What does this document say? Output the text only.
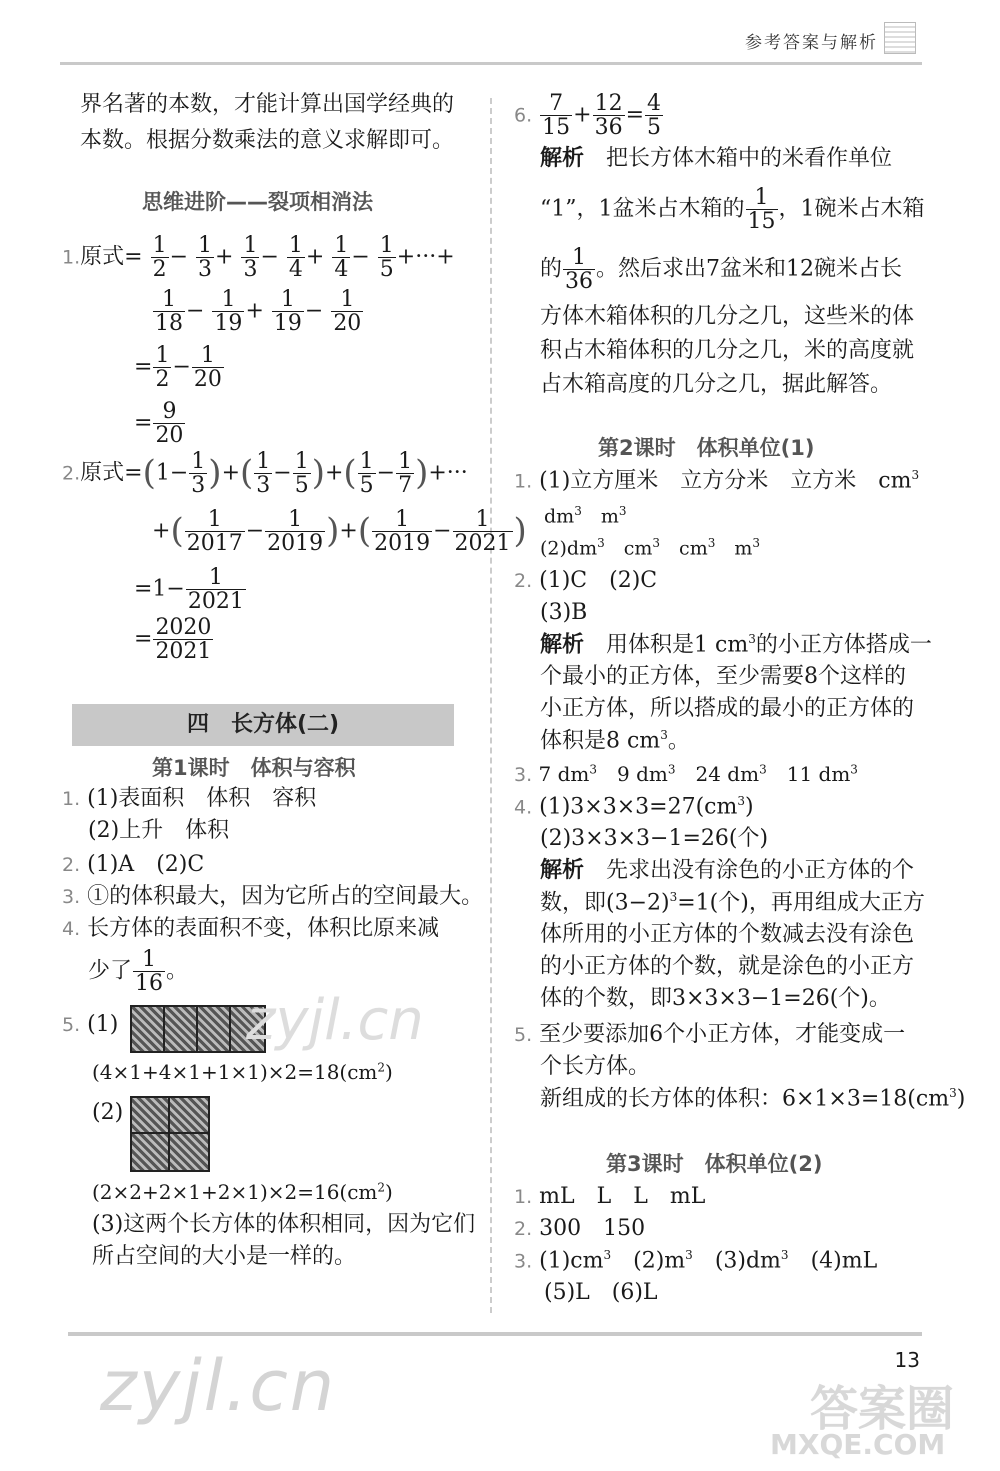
参考答案与解析
界名著的本数，才能计算出国学经典的
本数。根据分数乘法的意义求解即可。
思维进阶——裂项相消法
1.原式= $\frac{1}{2} - \frac{1}{3} + \frac{1}{3} - \frac{1}{4} + \frac{1}{4} - \frac{1}{5}$ +···+
$\frac{1}{18} - \frac{1}{19} + \frac{1}{19} - \frac{1}{20}$
= $\frac{1}{2} - \frac{1}{20}$
= $\frac{9}{20}$
2.原式$=(1- \frac{1}{3}$ )+( $\frac{1}{3} - \frac{1}{5}$ )+( $\frac{1}{5} - \frac{1}{7}$ )+···
+( $\frac{1}{2017} - \frac{1}{2019}$ )+( $\frac{1}{2019} - \frac{1}{2021}$ )
$=1- \frac{1}{2021}$
= $\frac{2020}{2021}$
四　长方体(二)
第1课时　体积与容积
1. (1)表面积　体积　容积
(2)上升　体积
2. (1)A　(2)C
3. ①的体积最大，因为它所占的空间最大。
4. 长方体的表面积不变，体积比原来减
少了 $\frac{1}{16}$ 。
5. (1)
$(4\times 1+4\times 1+1\times 1)\times 2=18(cm^2)$
(2)
$(2\times 2+2\times 1+2\times 1)\times 2=16(cm^2)$
(3)这两个长方体的体积相同，因为它们
所占空间的大小是一样的。
6. $\frac{7}{15} + \frac{12}{36} = \frac{4}{5}$
解析　 把长方体木箱中的米看作单位
“1”，1盆米占木箱的 $\frac{1}{15}$ ，1碗米占木箱
的 $\frac{1}{36}$ 。然后求出7盆米和12碗米占长
方体木箱体积的几分之几，这些米的体
积占木箱体积的几分之几，米的高度就
占木箱高度的几分之几，据此解答。
第2课时　体积单位(1)
1. (1)立方厘米　立方分米　立方米　$cm^3$
$dm^3$　$m^3$
$(2)dm^3$　$cm^3$　$cm^3$　$m^3$
2. (1)C　(2)C
(3)B
解析　 用体积是1 $cm^3$的小正方体搭成一
个最小的正方体，至少需要8个这样的
小正方体，所以搭成的最小的正方体的
体积是8 $cm^3$。
3. 7 $dm^3$　9 $dm^3$　24 $dm^3$　11 $dm^3$
4. $(1)3\times 3\times 3=27(cm^3)$
(2)3×3×3−1=26(个)
解析　 先求出没有涂色的小正方体的个
数，即$(3-2)^3=1$(个)，再用组成大正方
体所用的小正方体的个数减去没有涂色
的小正方体的个数，就是涂色的小正方
体的个数，即3×3×3−1=26(个)。
5. 至少要添加6个小正方体，才能变成一
个长方体。
新组成的长方体的体积：$6\times 1\times 3=18(cm^3)$
第3课时　体积单位(2)
1. mL　L　L　mL
2. 300　150
3. $(1)cm^3$　$(2)m^3$　$(3)dm^3$　(4)mL
(5)L　(6)L
13
zyjl.cn
zyjl.cn	答案圈
MXQE.COM
